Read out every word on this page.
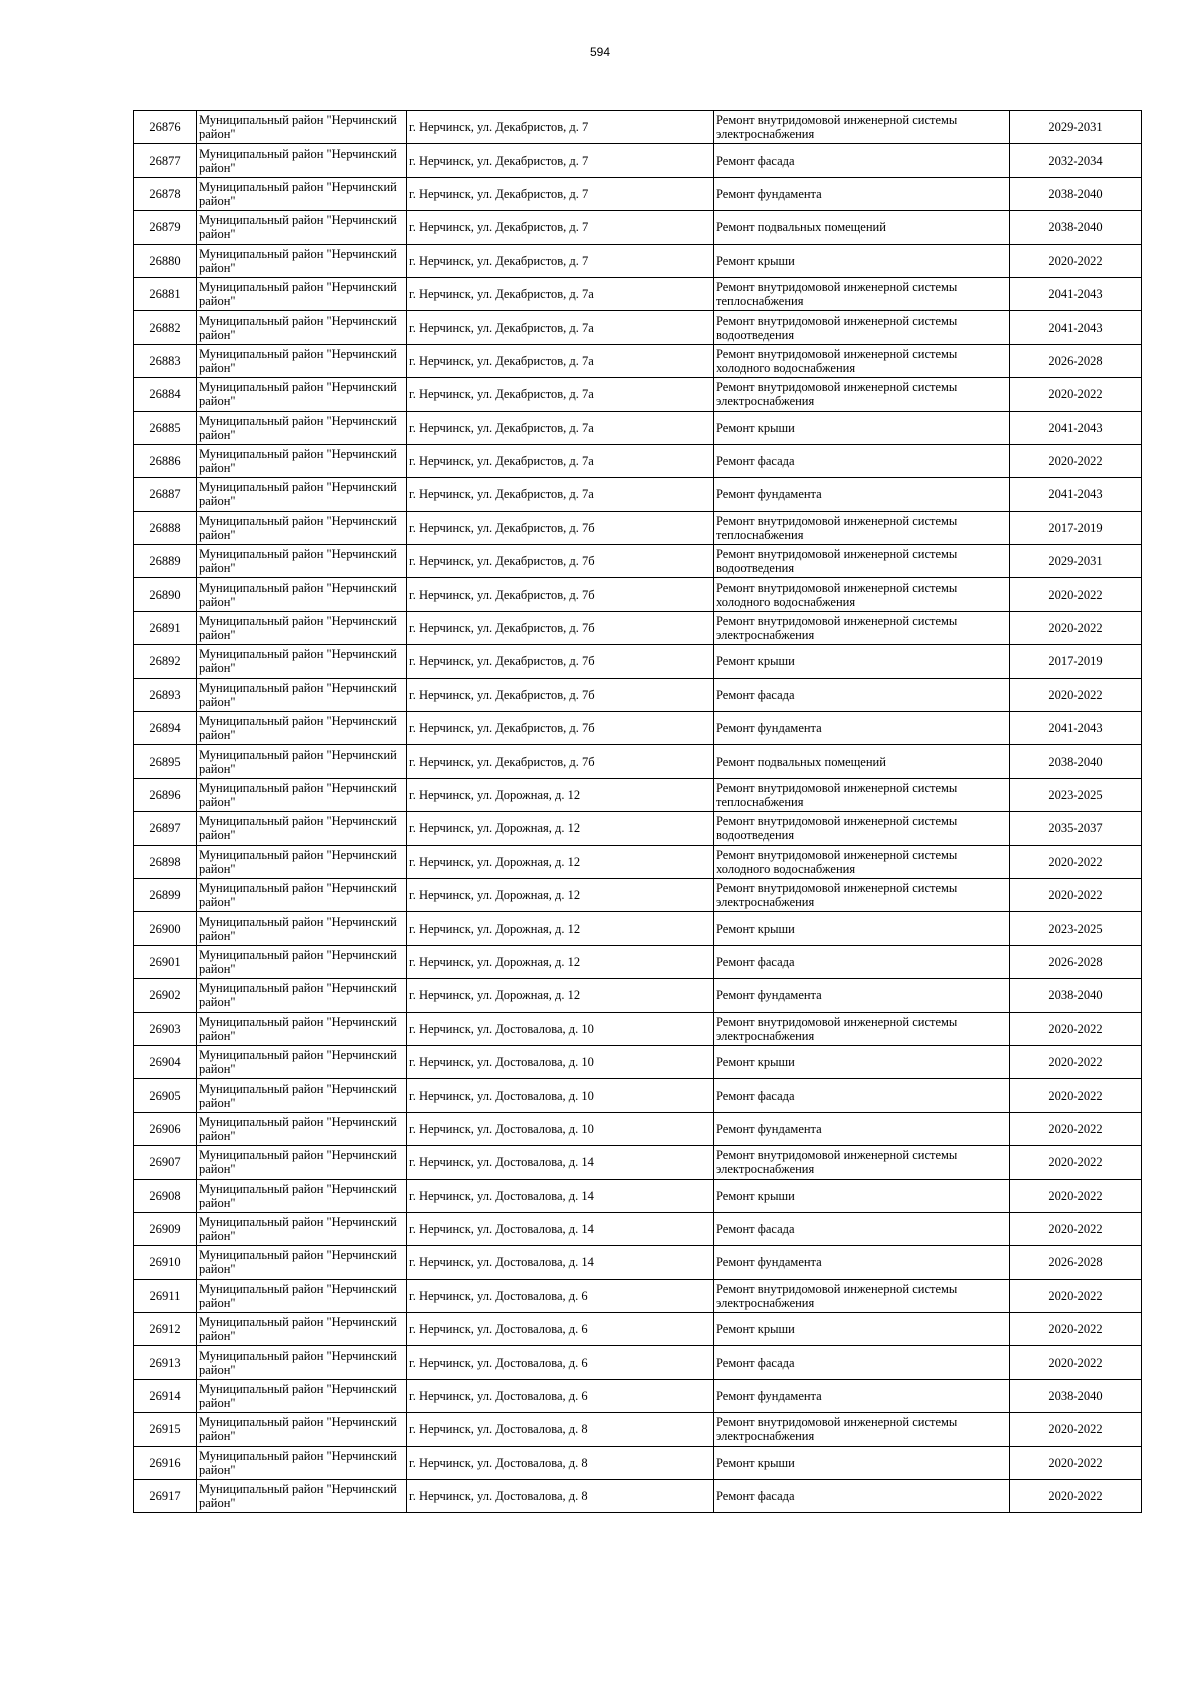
594
26876	Муниципальный район "Нерчинский район"	г. Нерчинск, ул. Декабристов, д. 7	Ремонт внутридомовой инженерной системы электроснабжения	2029-2031
26877	Муниципальный район "Нерчинский район"	г. Нерчинск, ул. Декабристов, д. 7	Ремонт фасада	2032-2034
26878	Муниципальный район "Нерчинский район"	г. Нерчинск, ул. Декабристов, д. 7	Ремонт фундамента	2038-2040
26879	Муниципальный район "Нерчинский район"	г. Нерчинск, ул. Декабристов, д. 7	Ремонт подвальных помещений	2038-2040
26880	Муниципальный район "Нерчинский район"	г. Нерчинск, ул. Декабристов, д. 7	Ремонт крыши	2020-2022
26881	Муниципальный район "Нерчинский район"	г. Нерчинск, ул. Декабристов, д. 7а	Ремонт внутридомовой инженерной системы теплоснабжения	2041-2043
26882	Муниципальный район "Нерчинский район"	г. Нерчинск, ул. Декабристов, д. 7а	Ремонт внутридомовой инженерной системы водоотведения	2041-2043
26883	Муниципальный район "Нерчинский район"	г. Нерчинск, ул. Декабристов, д. 7а	Ремонт внутридомовой инженерной системы холодного водоснабжения	2026-2028
26884	Муниципальный район "Нерчинский район"	г. Нерчинск, ул. Декабристов, д. 7а	Ремонт внутридомовой инженерной системы электроснабжения	2020-2022
26885	Муниципальный район "Нерчинский район"	г. Нерчинск, ул. Декабристов, д. 7а	Ремонт крыши	2041-2043
26886	Муниципальный район "Нерчинский район"	г. Нерчинск, ул. Декабристов, д. 7а	Ремонт фасада	2020-2022
26887	Муниципальный район "Нерчинский район"	г. Нерчинск, ул. Декабристов, д. 7а	Ремонт фундамента	2041-2043
26888	Муниципальный район "Нерчинский район"	г. Нерчинск, ул. Декабристов, д. 7б	Ремонт внутридомовой инженерной системы теплоснабжения	2017-2019
26889	Муниципальный район "Нерчинский район"	г. Нерчинск, ул. Декабристов, д. 7б	Ремонт внутридомовой инженерной системы водоотведения	2029-2031
26890	Муниципальный район "Нерчинский район"	г. Нерчинск, ул. Декабристов, д. 7б	Ремонт внутридомовой инженерной системы холодного водоснабжения	2020-2022
26891	Муниципальный район "Нерчинский район"	г. Нерчинск, ул. Декабристов, д. 7б	Ремонт внутридомовой инженерной системы электроснабжения	2020-2022
26892	Муниципальный район "Нерчинский район"	г. Нерчинск, ул. Декабристов, д. 7б	Ремонт крыши	2017-2019
26893	Муниципальный район "Нерчинский район"	г. Нерчинск, ул. Декабристов, д. 7б	Ремонт фасада	2020-2022
26894	Муниципальный район "Нерчинский район"	г. Нерчинск, ул. Декабристов, д. 7б	Ремонт фундамента	2041-2043
26895	Муниципальный район "Нерчинский район"	г. Нерчинск, ул. Декабристов, д. 7б	Ремонт подвальных помещений	2038-2040
26896	Муниципальный район "Нерчинский район"	г. Нерчинск, ул. Дорожная, д. 12	Ремонт внутридомовой инженерной системы теплоснабжения	2023-2025
26897	Муниципальный район "Нерчинский район"	г. Нерчинск, ул. Дорожная, д. 12	Ремонт внутридомовой инженерной системы водоотведения	2035-2037
26898	Муниципальный район "Нерчинский район"	г. Нерчинск, ул. Дорожная, д. 12	Ремонт внутридомовой инженерной системы холодного водоснабжения	2020-2022
26899	Муниципальный район "Нерчинский район"	г. Нерчинск, ул. Дорожная, д. 12	Ремонт внутридомовой инженерной системы электроснабжения	2020-2022
26900	Муниципальный район "Нерчинский район"	г. Нерчинск, ул. Дорожная, д. 12	Ремонт крыши	2023-2025
26901	Муниципальный район "Нерчинский район"	г. Нерчинск, ул. Дорожная, д. 12	Ремонт фасада	2026-2028
26902	Муниципальный район "Нерчинский район"	г. Нерчинск, ул. Дорожная, д. 12	Ремонт фундамента	2038-2040
26903	Муниципальный район "Нерчинский район"	г. Нерчинск, ул. Достовалова, д. 10	Ремонт внутридомовой инженерной системы электроснабжения	2020-2022
26904	Муниципальный район "Нерчинский район"	г. Нерчинск, ул. Достовалова, д. 10	Ремонт крыши	2020-2022
26905	Муниципальный район "Нерчинский район"	г. Нерчинск, ул. Достовалова, д. 10	Ремонт фасада	2020-2022
26906	Муниципальный район "Нерчинский район"	г. Нерчинск, ул. Достовалова, д. 10	Ремонт фундамента	2020-2022
26907	Муниципальный район "Нерчинский район"	г. Нерчинск, ул. Достовалова, д. 14	Ремонт внутридомовой инженерной системы электроснабжения	2020-2022
26908	Муниципальный район "Нерчинский район"	г. Нерчинск, ул. Достовалова, д. 14	Ремонт крыши	2020-2022
26909	Муниципальный район "Нерчинский район"	г. Нерчинск, ул. Достовалова, д. 14	Ремонт фасада	2020-2022
26910	Муниципальный район "Нерчинский район"	г. Нерчинск, ул. Достовалова, д. 14	Ремонт фундамента	2026-2028
26911	Муниципальный район "Нерчинский район"	г. Нерчинск, ул. Достовалова, д. 6	Ремонт внутридомовой инженерной системы электроснабжения	2020-2022
26912	Муниципальный район "Нерчинский район"	г. Нерчинск, ул. Достовалова, д. 6	Ремонт крыши	2020-2022
26913	Муниципальный район "Нерчинский район"	г. Нерчинск, ул. Достовалова, д. 6	Ремонт фасада	2020-2022
26914	Муниципальный район "Нерчинский район"	г. Нерчинск, ул. Достовалова, д. 6	Ремонт фундамента	2038-2040
26915	Муниципальный район "Нерчинский район"	г. Нерчинск, ул. Достовалова, д. 8	Ремонт внутридомовой инженерной системы электроснабжения	2020-2022
26916	Муниципальный район "Нерчинский район"	г. Нерчинск, ул. Достовалова, д. 8	Ремонт крыши	2020-2022
26917	Муниципальный район "Нерчинский район"	г. Нерчинск, ул. Достовалова, д. 8	Ремонт фасада	2020-2022
